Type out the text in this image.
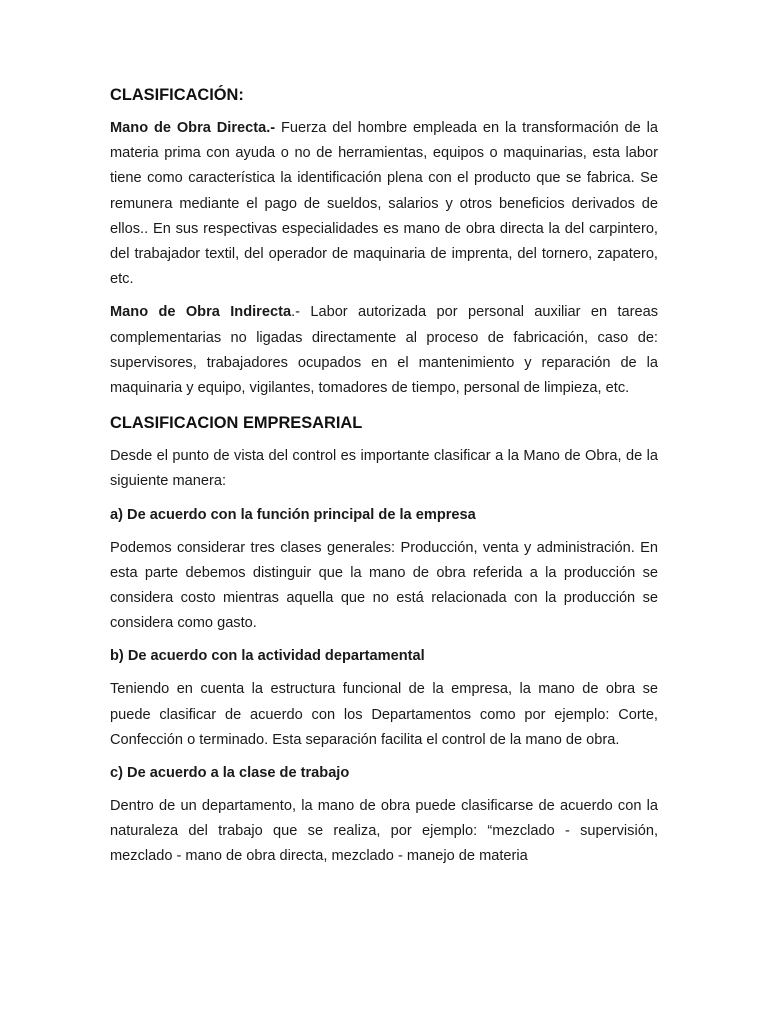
CLASIFICACIÓN:

Mano de Obra Directa.- Fuerza del hombre empleada en la transformación de la materia prima con ayuda o no de herramientas, equipos o maquinarias, esta labor tiene como característica la identificación plena con el producto que se fabrica. Se remunera mediante el pago de sueldos, salarios y otros beneficios derivados de ellos.. En sus respectivas especialidades es mano de obra directa la del carpintero, del trabajador textil, del operador de maquinaria de imprenta, del tornero, zapatero, etc.

Mano de Obra Indirecta.- Labor autorizada por personal auxiliar en tareas complementarias no ligadas directamente al proceso de fabricación, caso de: supervisores, trabajadores ocupados en el mantenimiento y reparación de la maquinaria y equipo, vigilantes, tomadores de tiempo, personal de limpieza, etc.

CLASIFICACION EMPRESARIAL

Desde el punto de vista del control es importante clasificar a la Mano de Obra, de la siguiente manera:

a) De acuerdo con la función principal de la empresa

Podemos considerar tres clases generales: Producción, venta y administración. En esta parte debemos distinguir que la mano de obra referida a la producción se considera costo mientras aquella que no está relacionada con la producción se considera como gasto.

b) De acuerdo con la actividad departamental

Teniendo en cuenta la estructura funcional de la empresa, la mano de obra se puede clasificar de acuerdo con los Departamentos como por ejemplo: Corte, Confección o terminado. Esta separación facilita el control de la mano de obra.

c) De acuerdo a la clase de trabajo

Dentro de un departamento, la mano de obra puede clasificarse de acuerdo con la naturaleza del trabajo que se realiza, por ejemplo: “mezclado - supervisión, mezclado - mano de obra directa, mezclado - manejo de materia
